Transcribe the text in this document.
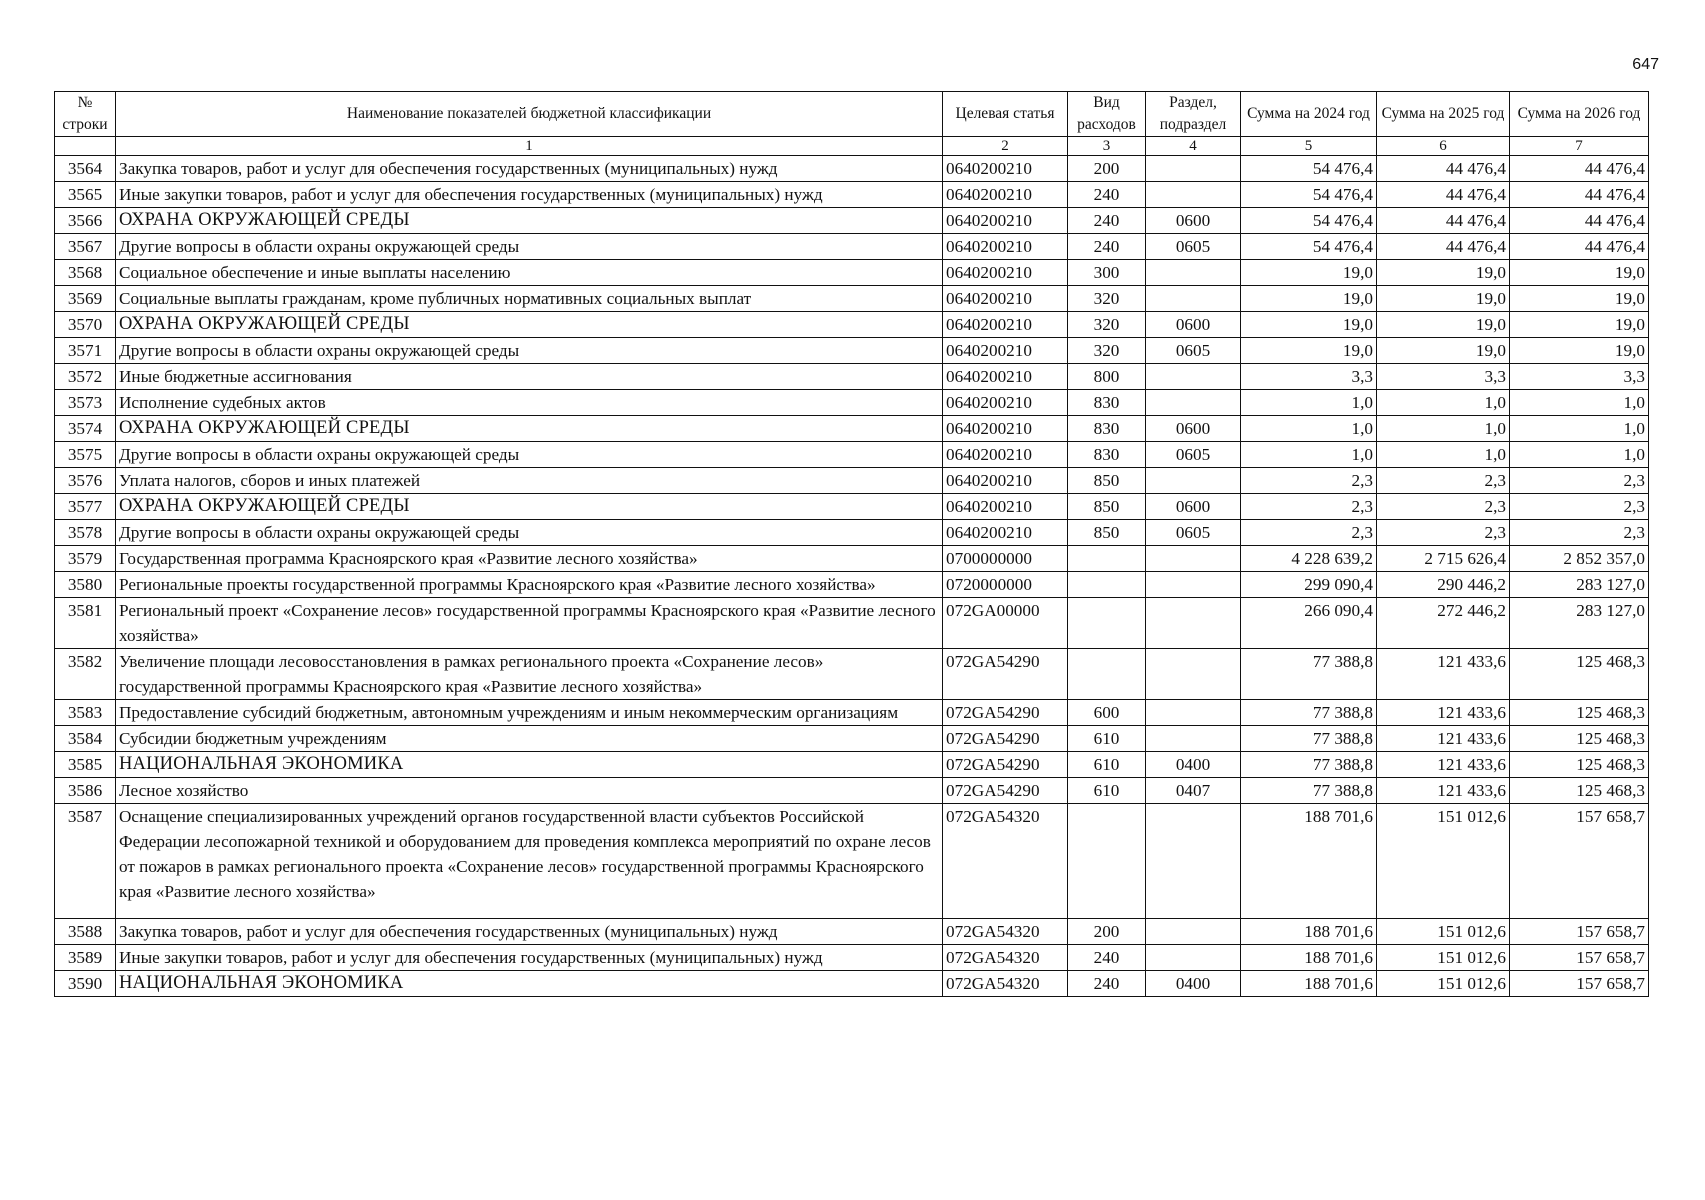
647
№ строки	Наименование показателей бюджетной классификации	Целевая статья	Вид расходов	Раздел, подраздел	Сумма на 2024 год	Сумма на 2025 год	Сумма на 2026 год
	1	2	3	4	5	6	7
3564	Закупка товаров, работ и услуг для обеспечения государственных (муниципальных) нужд	0640200210	200		54 476,4	44 476,4	44 476,4
3565	Иные закупки товаров, работ и услуг для обеспечения государственных (муниципальных) нужд	0640200210	240		54 476,4	44 476,4	44 476,4
3566	ОХРАНА ОКРУЖАЮЩЕЙ СРЕДЫ	0640200210	240	0600	54 476,4	44 476,4	44 476,4
3567	Другие вопросы в области охраны окружающей среды	0640200210	240	0605	54 476,4	44 476,4	44 476,4
3568	Социальное обеспечение и иные выплаты населению	0640200210	300		19,0	19,0	19,0
3569	Социальные выплаты гражданам, кроме публичных нормативных социальных выплат	0640200210	320		19,0	19,0	19,0
3570	ОХРАНА ОКРУЖАЮЩЕЙ СРЕДЫ	0640200210	320	0600	19,0	19,0	19,0
3571	Другие вопросы в области охраны окружающей среды	0640200210	320	0605	19,0	19,0	19,0
3572	Иные бюджетные ассигнования	0640200210	800		3,3	3,3	3,3
3573	Исполнение судебных актов	0640200210	830		1,0	1,0	1,0
3574	ОХРАНА ОКРУЖАЮЩЕЙ СРЕДЫ	0640200210	830	0600	1,0	1,0	1,0
3575	Другие вопросы в области охраны окружающей среды	0640200210	830	0605	1,0	1,0	1,0
3576	Уплата налогов, сборов и иных платежей	0640200210	850		2,3	2,3	2,3
3577	ОХРАНА ОКРУЖАЮЩЕЙ СРЕДЫ	0640200210	850	0600	2,3	2,3	2,3
3578	Другие вопросы в области охраны окружающей среды	0640200210	850	0605	2,3	2,3	2,3
3579	Государственная программа Красноярского края «Развитие лесного хозяйства»	0700000000			4 228 639,2	2 715 626,4	2 852 357,0
3580	Региональные проекты государственной программы Красноярского края «Развитие лесного хозяйства»	0720000000			299 090,4	290 446,2	283 127,0
3581	Региональный проект «Сохранение лесов» государственной программы Красноярского края «Развитие лесного хозяйства»	072GA00000			266 090,4	272 446,2	283 127,0
3582	Увеличение площади лесовосстановления в рамках регионального проекта «Сохранение лесов» государственной программы Красноярского края «Развитие лесного хозяйства»	072GA54290			77 388,8	121 433,6	125 468,3
3583	Предоставление субсидий бюджетным, автономным учреждениям и иным некоммерческим организациям	072GA54290	600		77 388,8	121 433,6	125 468,3
3584	Субсидии бюджетным учреждениям	072GA54290	610		77 388,8	121 433,6	125 468,3
3585	НАЦИОНАЛЬНАЯ ЭКОНОМИКА	072GA54290	610	0400	77 388,8	121 433,6	125 468,3
3586	Лесное хозяйство	072GA54290	610	0407	77 388,8	121 433,6	125 468,3
3587	Оснащение специализированных учреждений органов государственной власти субъектов Российской Федерации лесопожарной техникой и оборудованием для проведения комплекса мероприятий по охране лесов от пожаров в рамках регионального проекта «Сохранение лесов» государственной программы Красноярского края «Развитие лесного хозяйства»	072GA54320			188 701,6	151 012,6	157 658,7
3588	Закупка товаров, работ и услуг для обеспечения государственных (муниципальных) нужд	072GA54320	200		188 701,6	151 012,6	157 658,7
3589	Иные закупки товаров, работ и услуг для обеспечения государственных (муниципальных) нужд	072GA54320	240		188 701,6	151 012,6	157 658,7
3590	НАЦИОНАЛЬНАЯ ЭКОНОМИКА	072GA54320	240	0400	188 701,6	151 012,6	157 658,7
